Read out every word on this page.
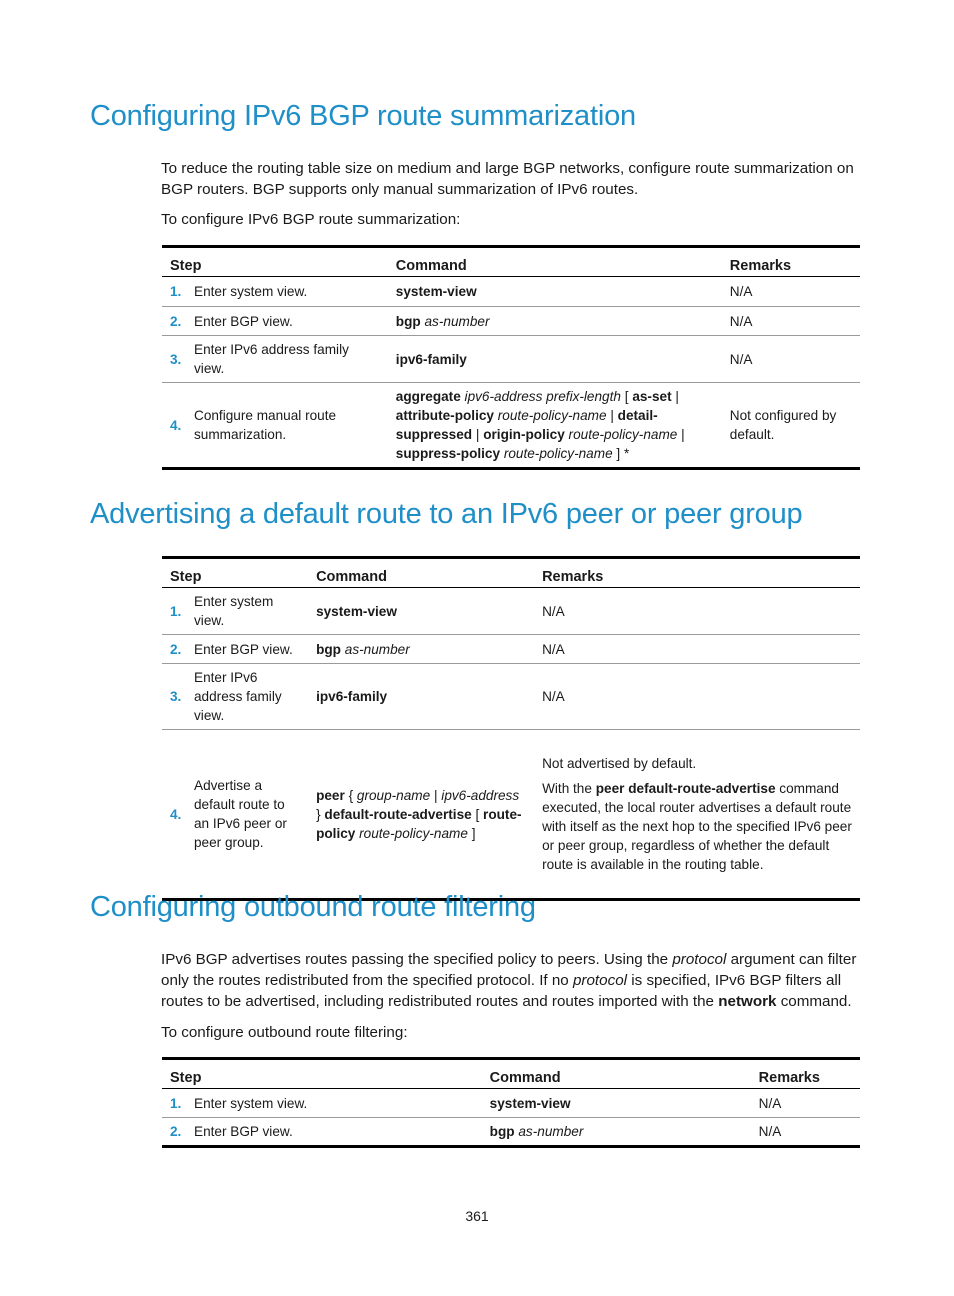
Configuring IPv6 BGP route summarization

To reduce the routing table size on medium and large BGP networks, configure route summarization on BGP routers. BGP supports only manual summarization of IPv6 routes.

To configure IPv6 BGP route summarization:

Step		Command	Remarks
1.	Enter system view.	system-view	N/A
2.	Enter BGP view.	bgp as-number	N/A
3.	Enter IPv6 address family view.	ipv6-family	N/A
4.	Configure manual route summarization.	aggregate ipv6-address prefix-length [ as-set | attribute-policy route-policy-name | detail-suppressed | origin-policy route-policy-name | suppress-policy route-policy-name ] *	Not configured by default.
Advertising a default route to an IPv6 peer or peer group
Step		Command	Remarks
1.	Enter system view.	system-view	N/A
2.	Enter BGP view.	bgp as-number	N/A
3.	Enter IPv6 address family view.	ipv6-family	N/A
4.	Advertise a default route to an IPv6 peer or peer group.	peer { group-name | ipv6-address } default-route-advertise [ route-policy route-policy-name ]	Not advertised by default.

With the peer default-route-advertise command executed, the local router advertises a default route with itself as the next hop to the specified IPv6 peer or peer group, regardless of whether the default route is available in the routing table.

Configuring outbound route filtering

IPv6 BGP advertises routes passing the specified policy to peers. Using the protocol argument can filter only the routes redistributed from the specified protocol. If no protocol is specified, IPv6 BGP filters all routes to be advertised, including redistributed routes and routes imported with the network command.

To configure outbound route filtering:

Step		Command	Remarks
1.	Enter system view.	system-view	N/A
2.	Enter BGP view.	bgp as-number	N/A
361
